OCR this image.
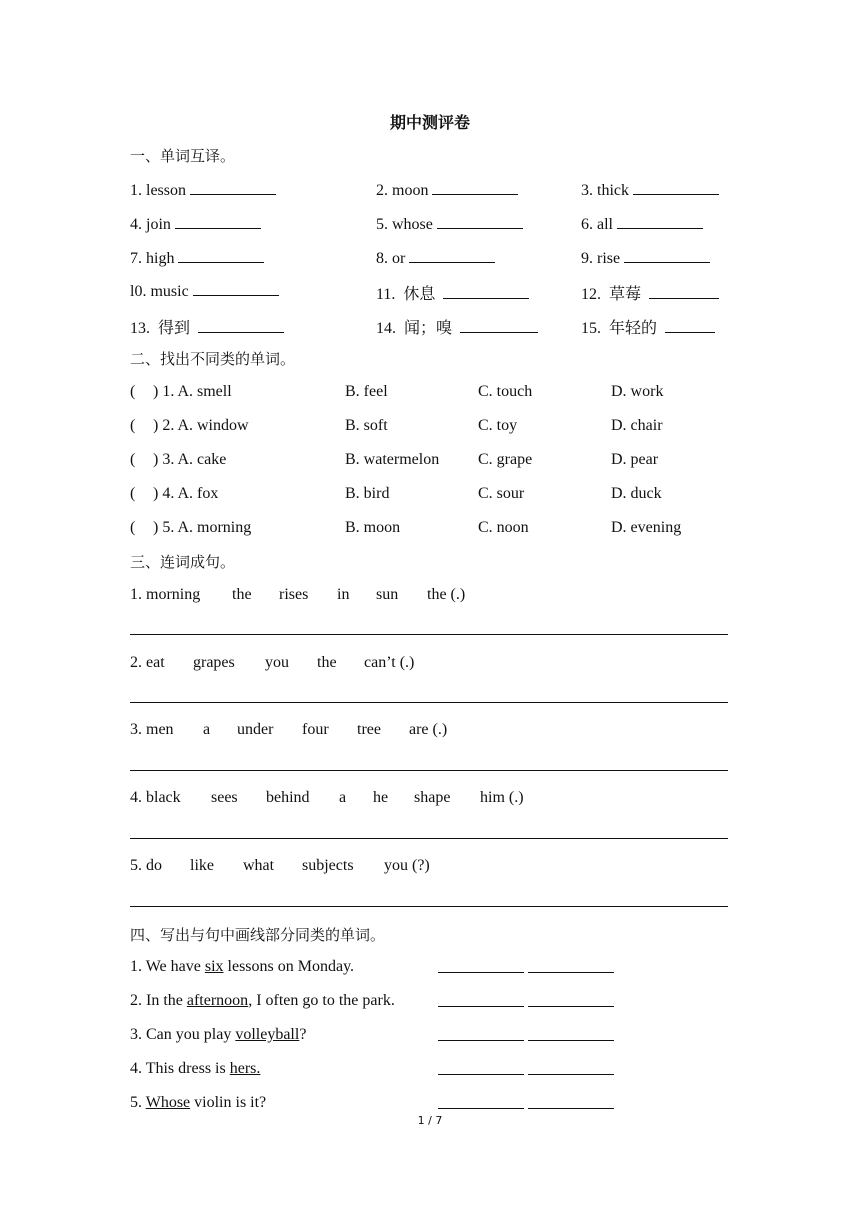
期中测评卷
一、单词互译。
1. lesson	2. moon	3. thick
4. join	5. whose	6. all
7. high	8. or	9. rise
l0. music	11.  休息	12.  草莓
13.  得到	14.  闻；嗅	15.  年轻的
二、找出不同类的单词。
( ) 1. A. smell	B. feel	C. touch	D. work
( ) 2. A. window	B. soft	C. toy	D. chair
( ) 3. A. cake	B. watermelon C. grape	D. pear
( ) 4. A. fox	B. bird	C. sour	D. duck
( ) 5. A. morning	B. moon	C. noon	D. evening
三、连词成句。
1. morning the rises in sun the (.)
2. eat grapes you the can’t (.)
3. men a under four tree are (.)
4. black sees behind a he shape him (.)
5. do like what subjects you (?)
四、写出与句中画线部分同类的单词。
1. We have six lessons on Monday.

2. In the afternoon, I often go to the park.

3. Can you play volleyball?

4. This dress is hers.

5. Whose violin is it?

1 / 7
